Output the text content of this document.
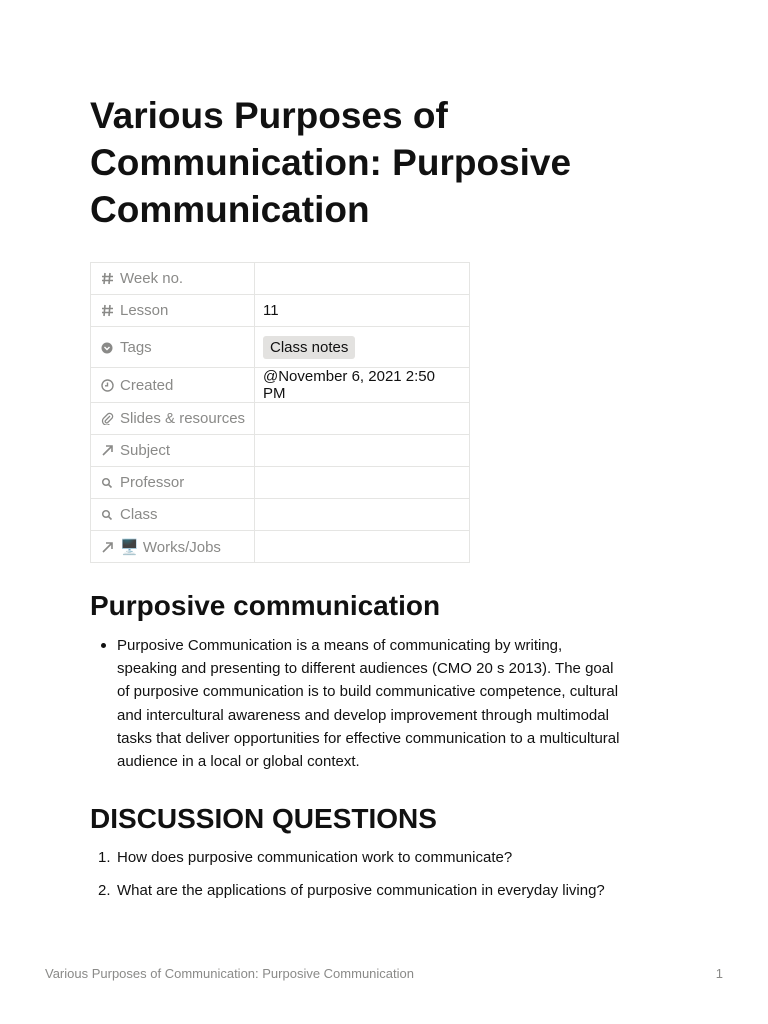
Various Purposes of Communication: Purposive Communication
Week no.	
Lesson	11
Tags	Class notes
Created	@November 6, 2021 2:50 PM
Slides & resources	
Subject	
Professor	
Class	
🖥️ Works/Jobs	
Purposive communication
Purposive Communication is a means of communicating by writing, speaking and presenting to different audiences (CMO 20 s 2013). The goal of purposive communication is to build communicative competence, cultural and intercultural awareness and develop improvement through multimodal tasks that deliver opportunities for effective communication to a multicultural audience in a local or global context.
DISCUSSION QUESTIONS
1. How does purposive communication work to communicate?
2. What are the applications of purposive communication in everyday living?
Various Purposes of Communication: Purposive Communication	1
